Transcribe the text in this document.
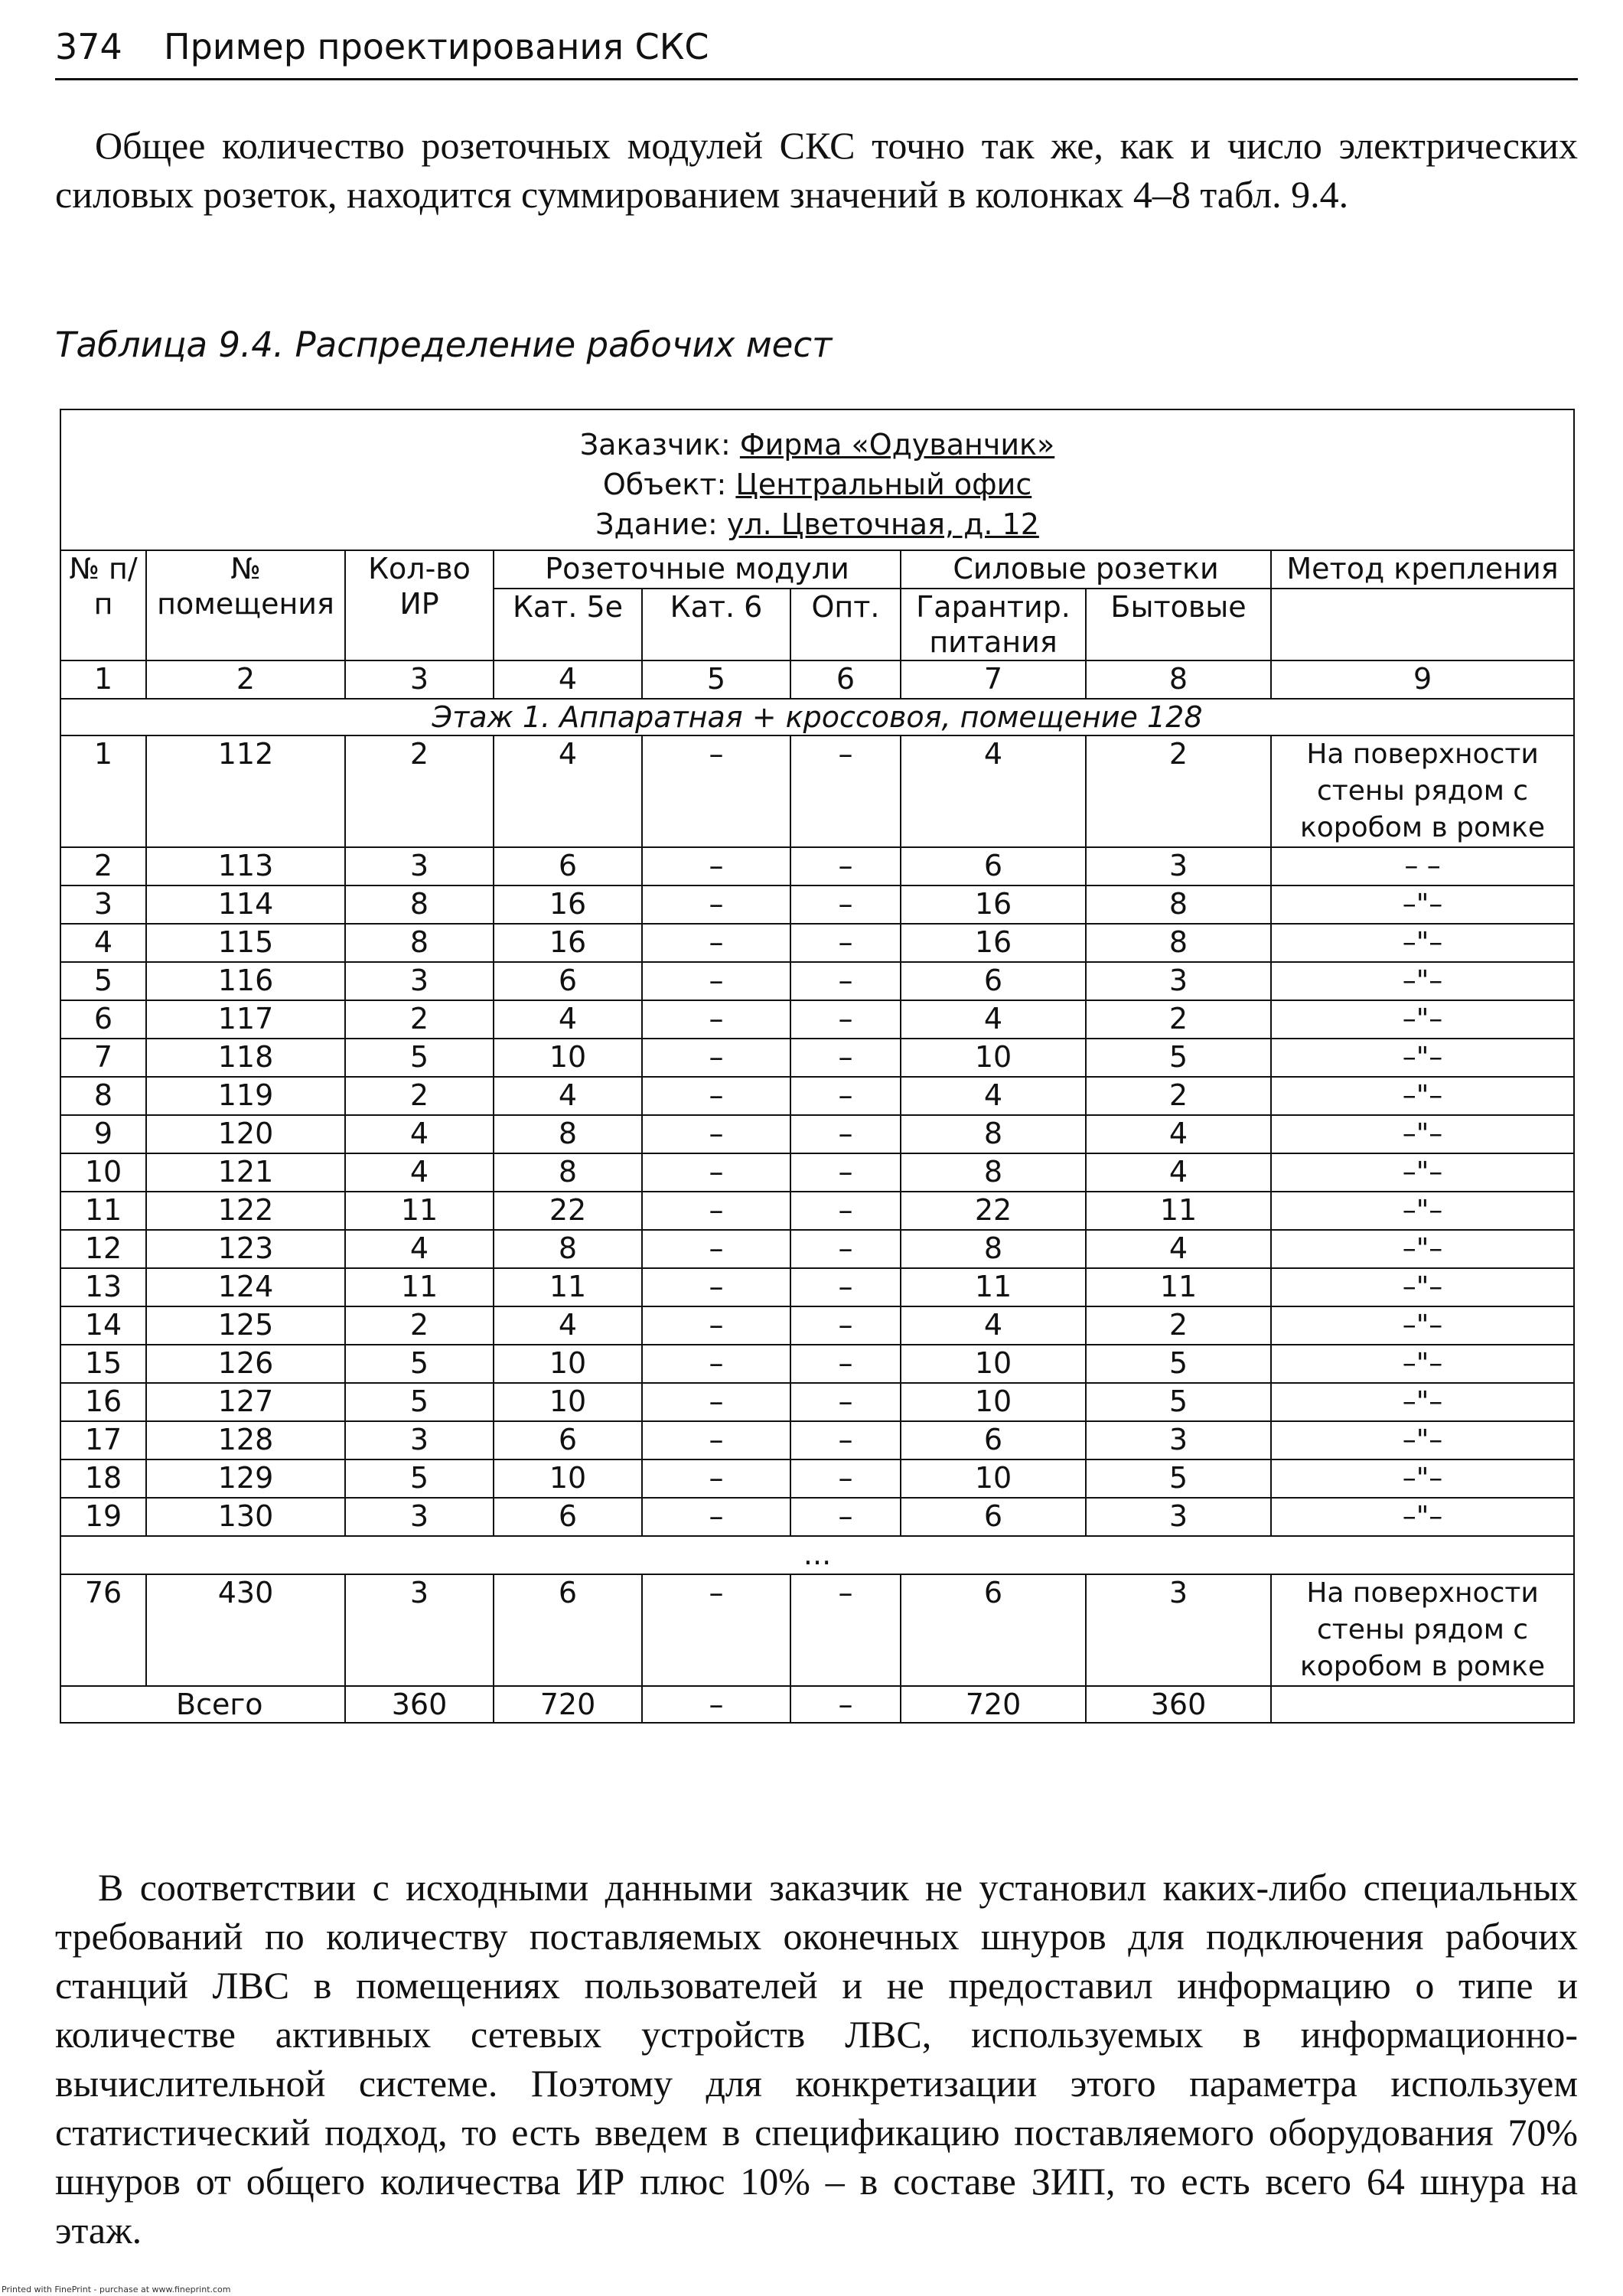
374 Пример проектирования СКС

Общее количество розеточных модулей СКС точно так же, как и число электрических силовых розеток, находится суммированием значений в колонках 4–8 табл. 9.4.

Таблица 9.4. Распределение рабочих мест

Заказчик: Фирма «Одуванчик»
Объект: Центральный офис
Здание: ул. Цветочная, д. 12								

№ п/п	№ помещения	Кол-во ИР	Розеточные модули			Силовые розетки		Метод крепления
			Кат. 5е	Кат. 6	Опт.	Гарантир. питания	Бытовые	
1	2	3	4	5	6	7	8	9
Этаж 1. Аппаратная + кроссовоя, помещение 128								
1	112	2	4	–	–	4	2	На поверхности стены рядом с коробом в ромке
2	113	3	6	–	–	6	3	– –
3	114	8	16	–	–	16	8	–"–
4	115	8	16	–	–	16	8	–"–
5	116	3	6	–	–	6	3	–"–
6	117	2	4	–	–	4	2	–"–
7	118	5	10	–	–	10	5	–"–
8	119	2	4	–	–	4	2	–"–
9	120	4	8	–	–	8	4	–"–
10	121	4	8	–	–	8	4	–"–
11	122	11	22	–	–	22	11	–"–
12	123	4	8	–	–	8	4	–"–
13	124	11	11	–	–	11	11	–"–
14	125	2	4	–	–	4	2	–"–
15	126	5	10	–	–	10	5	–"–
16	127	5	10	–	–	10	5	–"–
17	128	3	6	–	–	6	3	–"–
18	129	5	10	–	–	10	5	–"–
19	130	3	6	–	–	6	3	–"–
...								
76	430	3	6	–	–	6	3	На поверхности стены рядом с коробом в ромке
Всего		360	720	–	–	720	360	

В соответствии с исходными данными заказчик не установил каких-либо специальных требований по количеству поставляемых оконечных шнуров для подключения рабочих станций ЛВС в помещениях пользователей и не предоставил информацию о типе и количестве активных сетевых устройств ЛВС, используемых в информационно-вычислительной системе. Поэтому для конкретизации этого параметра используем статистический подход, то есть введем в спецификацию поставляемого оборудования 70% шнуров от общего количества ИР плюс 10% – в составе ЗИП, то есть всего 64 шнура на этаж.

Printed with FinePrint - purchase at www.fineprint.com
